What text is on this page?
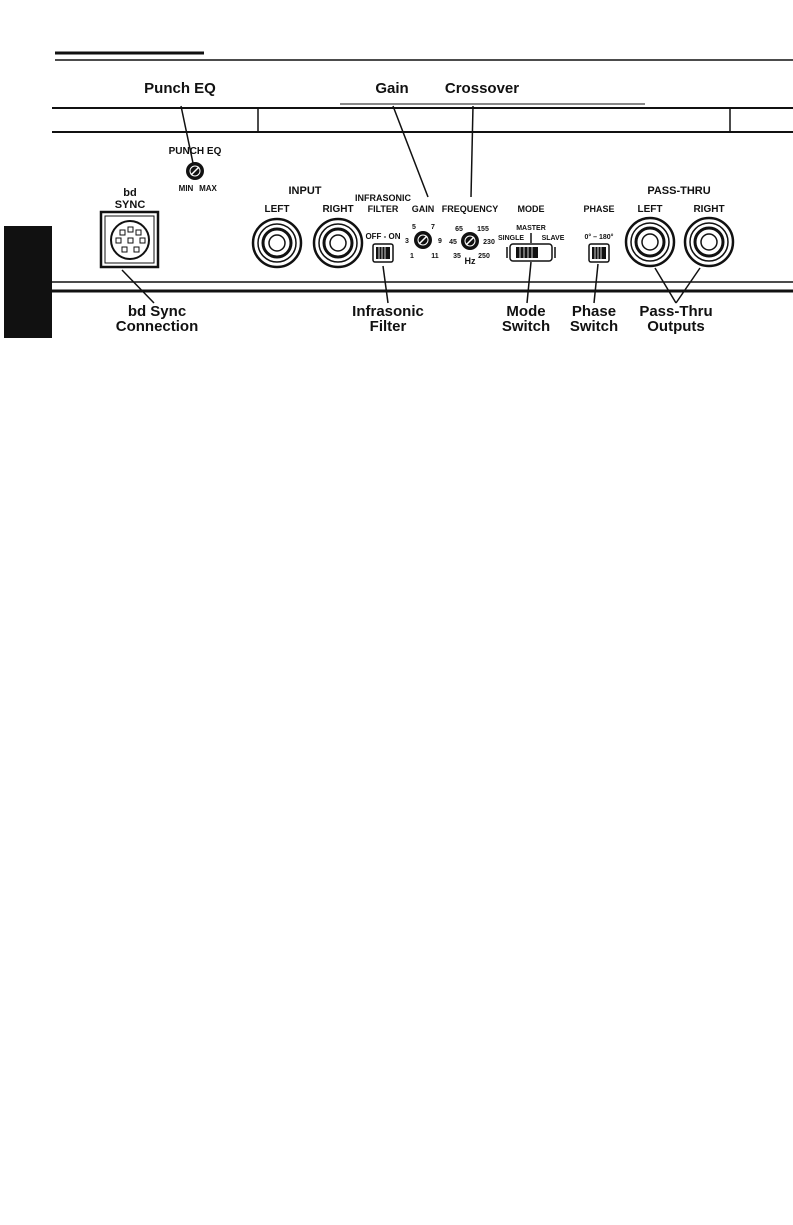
bd
SYNC
PUNCH EQ
MIN MAX	INPUT
LEFT	RIGHT
INFRASONIC
FILTER
OFF - ON
GAIN
5 7
3	9
1 11
FREQUENCY
65 155
45	230
35 250
Hz
MODE
MASTER
SINGLE	SLAVE
PHASE
0° – 180°
PASS-THRU
LEFT	RIGHT
Punch EQ	Gain	Crossover
bd Sync
Connection
Infrasonic
Filter
Mode
Switch
Phase
Switch
Pass-Thru
Outputs
